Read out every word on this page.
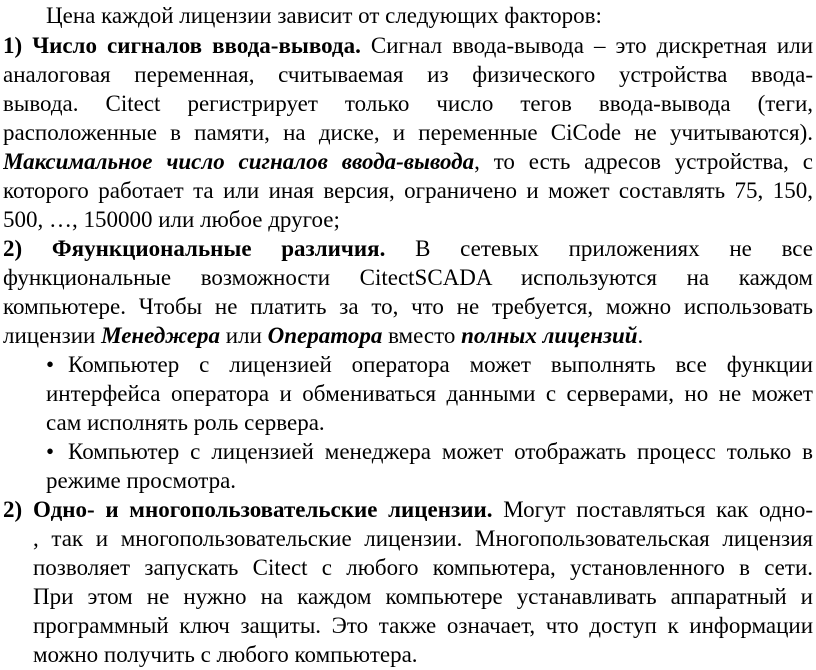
Цена каждой лицензии зависит от следующих факторов:
1) Число сигналов ввода-вывода. Сигнал ввода-вывода – это дискретная или
аналоговая переменная, считываемая из физического устройства ввода-
вывода. Citect регистрирует только число тегов ввода-вывода (теги,
расположенные в памяти, на диске, и переменные CiCode не учитываются).
Максимальное число сигналов ввода-вывода, то есть адресов устройства, с
которого работает та или иная версия, ограничено и может составлять 75, 150,
500, …, 150000 или любое другое;
2) Фяункциональные различия. В сетевых приложениях не все
функциональные возможности CitectSCADA используются на каждом
компьютере. Чтобы не платить за то, что не требуется, можно использовать
лицензии Менеджера или Оператора вместо полных лицензий.
• Компьютер с лицензией оператора может выполнять все функции
интерфейса оператора и обмениваться данными с серверами, но не может
сам исполнять роль сервера.
• Компьютер с лицензией менеджера может отображать процесс только в
режиме просмотра.
2) Одно- и многопользовательские лицензии. Могут поставляться как одно-
, так и многопользовательские лицензии. Многопользовательская лицензия
позволяет запускать Citect с любого компьютера, установленного в сети.
При этом не нужно на каждом компьютере устанавливать аппаратный и
программный ключ защиты. Это также означает, что доступ к информации
можно получить с любого компьютера.
